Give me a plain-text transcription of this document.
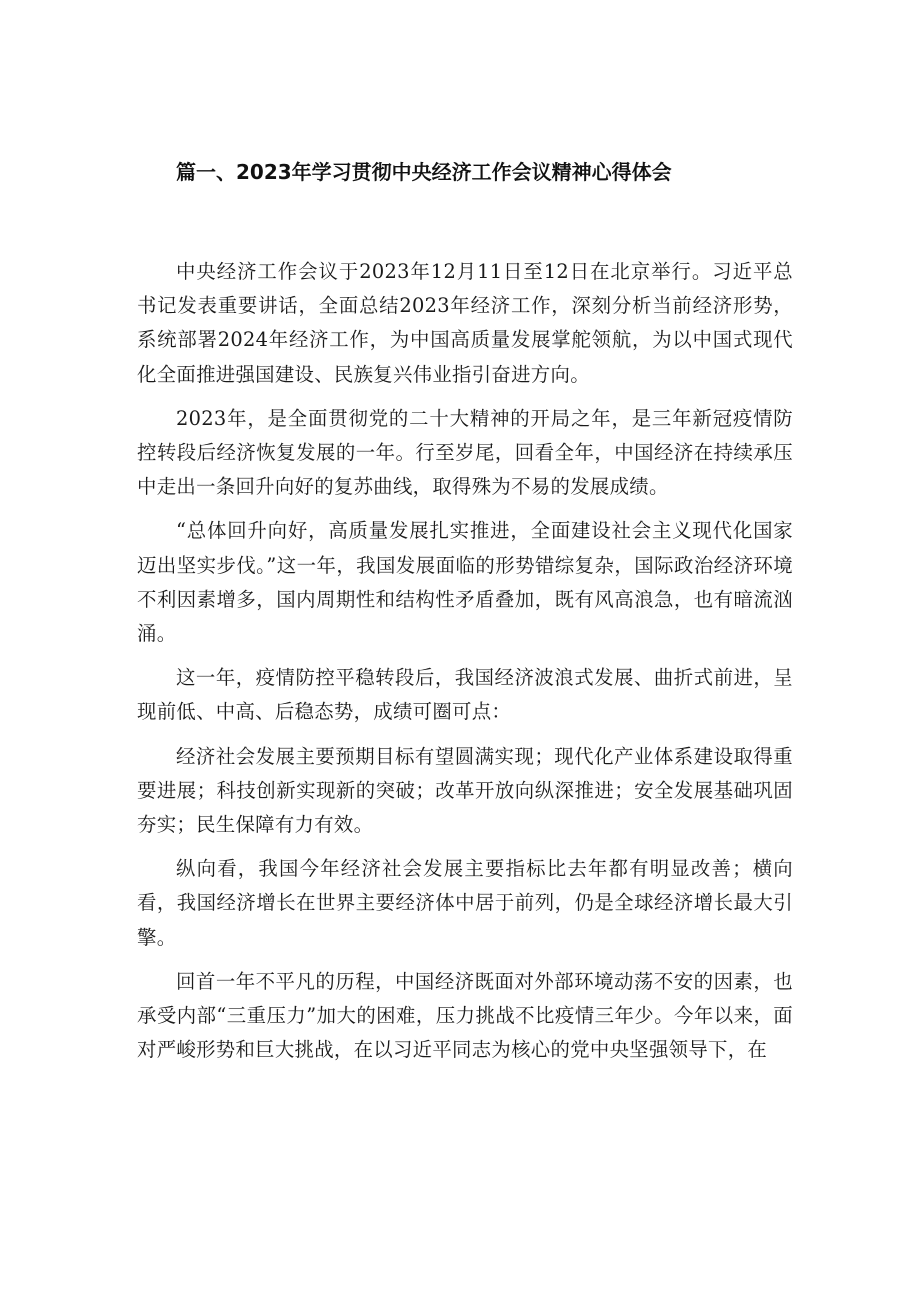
篇一、2023年学习贯彻中央经济工作会议精神心得体会

中央经济工作会议于2023年12月11日至12日在北京举行。习近平总书记发表重要讲话，全面总结2023年经济工作，深刻分析当前经济形势，系统部署2024年经济工作，为中国高质量发展掌舵领航，为以中国式现代化全面推进强国建设、民族复兴伟业指引奋进方向。

2023年，是全面贯彻党的二十大精神的开局之年，是三年新冠疫情防控转段后经济恢复发展的一年。行至岁尾，回看全年，中国经济在持续承压中走出一条回升向好的复苏曲线，取得殊为不易的发展成绩。

“总体回升向好，高质量发展扎实推进，全面建设社会主义现代化国家迈出坚实步伐。”这一年，我国发展面临的形势错综复杂，国际政治经济环境不利因素增多，国内周期性和结构性矛盾叠加，既有风高浪急，也有暗流汹涌。

这一年，疫情防控平稳转段后，我国经济波浪式发展、曲折式前进，呈现前低、中高、后稳态势，成绩可圈可点：

经济社会发展主要预期目标有望圆满实现；现代化产业体系建设取得重要进展；科技创新实现新的突破；改革开放向纵深推进；安全发展基础巩固夯实；民生保障有力有效。

纵向看，我国今年经济社会发展主要指标比去年都有明显改善；横向看，我国经济增长在世界主要经济体中居于前列，仍是全球经济增长最大引擎。

回首一年不平凡的历程，中国经济既面对外部环境动荡不安的因素，也承受内部“三重压力”加大的困难，压力挑战不比疫情三年少。今年以来，面对严峻形势和巨大挑战，在以习近平同志为核心的党中央坚强领导下，在
